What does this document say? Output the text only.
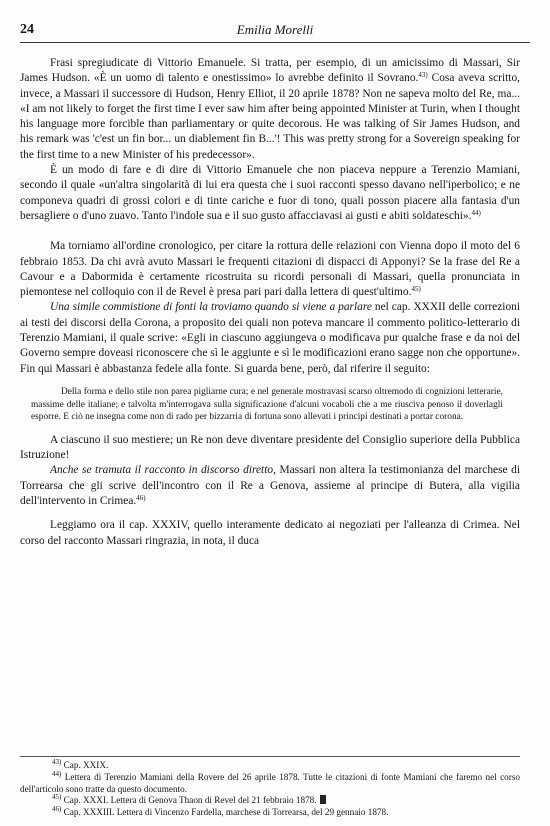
24	Emilia Morelli

Frasi spregiudicate di Vittorio Emanuele. Si tratta, per esempio, di un amicissimo di Massari, Sir James Hudson. «È un uomo di talento e onestissimo» lo avrebbe definito il Sovrano.$^{43)}$ Cosa aveva scritto, invece, a Massari il successore di Hudson, Henry Elliot, il 20 aprile 1878? Non ne sapeva molto del Re, ma... «I am not likely to forget the first time I ever saw him after being appointed Minister at Turin, when I thought his language more forcible than parliamentary or quite decorous. He was talking of Sir James Hudson, and his remark was 'c'est un fin bor... un diablement fin B...'! This was pretty strong for a Sovereign speaking for the first time to a new Minister of his predecessor».

È un modo di fare e di dire di Vittorio Emanuele che non piaceva neppure a Terenzio Mamiani, secondo il quale «un'altra singolarità di lui era questa che i suoi racconti spesso davano nell'iperbolico; e ne componeva quadri di grossi colori e di tinte cariche e fuor di tono, quali posson piacere alla fantasia d'un bersagliere o d'uno zuavo. Tanto l'indole sua e il suo gusto affacciavasi ai gusti e abiti soldateschi».$^{44)}$

Ma torniamo all'ordine cronologico, per citare la rottura delle relazioni con Vienna dopo il moto del 6 febbraio 1853. Da chi avrà avuto Massari le frequenti citazioni di dispacci di Apponyi? Se la frase del Re a Cavour e a Dabormida è certamente ricostruita su ricordi personali di Massari, quella pronunciata in piemontese nel colloquio con il de Revel è presa pari pari dalla lettera di quest'ultimo.$^{45)}$

Una simile commistione di fonti la troviamo quando si viene a parlare nel cap. XXXII delle correzioni ai testi dei discorsi della Corona, a proposito dei quali non poteva mancare il commento politico-letterario di Terenzio Mamiani, il quale scrive: «Egli in ciascuno aggiungeva o modificava pur qualche frase e da noi del Governo sempre doveasi riconoscere che sì le aggiunte e sì le modificazioni erano sagge non che opportune». Fin qui Massari è abbastanza fedele alla fonte. Si guarda bene, però, dal riferire il seguito:

Della forma e dello stile non parea pigliarne cura; e nel generale mostravasi scarso oltremodo di cognizioni letterarie, massime delle italiane; e talvolta m'interrogava sulla significazione d'alcuni vocaboli che a me riusciva penoso il doverlagli esporre. E ciò ne insegna come non di rado per bizzarria di fortuna sono allevati i principi destinati a portar corona.

A ciascuno il suo mestiere; un Re non deve diventare presidente del Consiglio superiore della Pubblica Istruzione!

Anche se tramuta il racconto in discorso diretto, Massari non altera la testimonianza del marchese di Torrearsa che gli scrive dell'incontro con il Re a Genova, assieme al principe di Butera, alla vigilia dell'intervento in Crimea.$^{46)}$

Leggiamo ora il cap. XXXIV, quello interamente dedicato ai negoziati per l'alleanza di Crimea. Nel corso del racconto Massari ringrazia, in nota, il duca

$^{43)}$ Cap. XXIX.

$^{44)}$ Lettera di Terenzio Mamiani della Rovere del 26 aprile 1878. Tutte le citazioni di fonte Mamiani che faremo nel corso dell'articolo sono tratte da questo documento.

$^{45)}$ Cap. XXXI. Lettera di Genova Thaon di Revel del 21 febbraio 1878.

$^{46)}$ Cap. XXXIII. Lettera di Vincenzo Fardella, marchese di Torrearsa, del 29 gennaio 1878.
